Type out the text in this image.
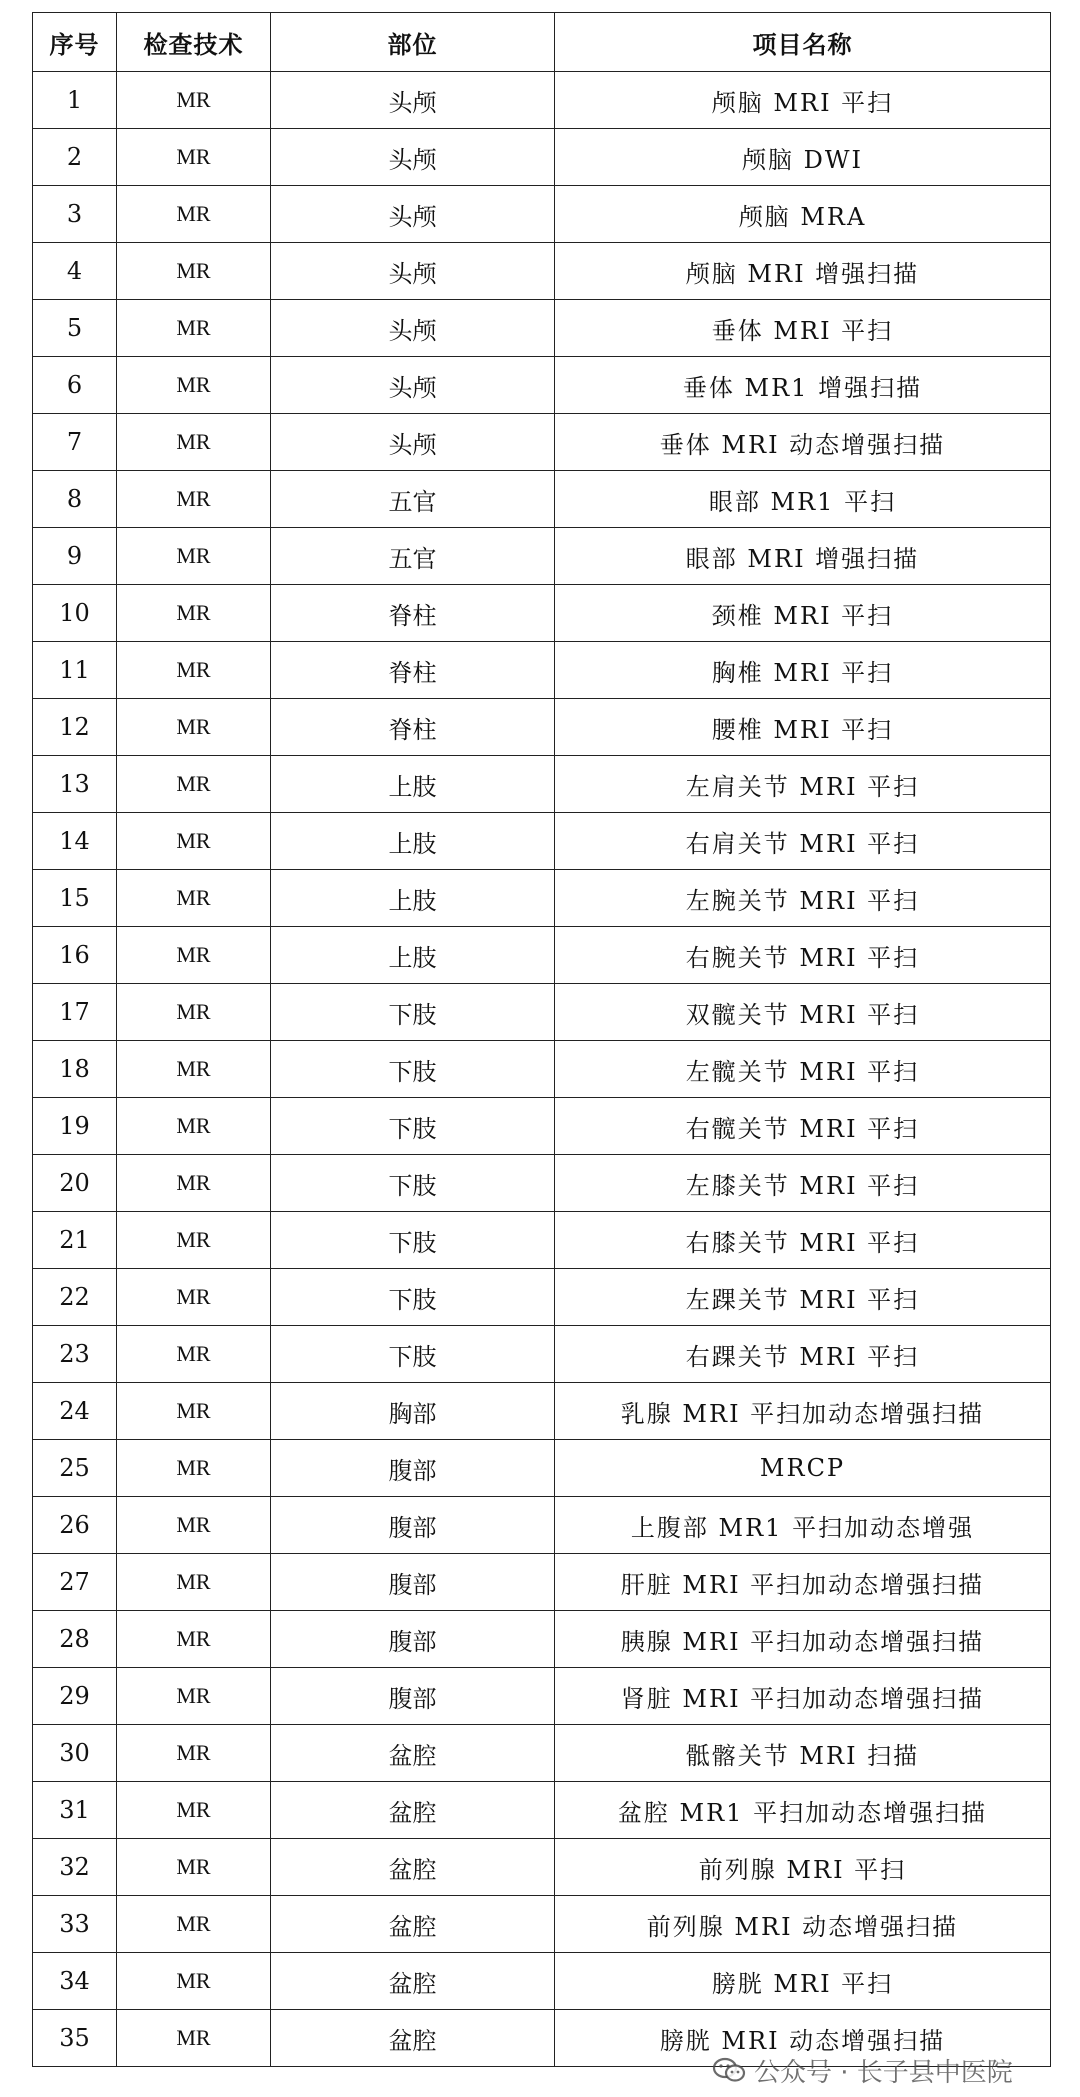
序号	检查技术	部位	项目名称
1	MR	头颅	颅脑 MRI 平扫
2	MR	头颅	颅脑 DWI
3	MR	头颅	颅脑 MRA
4	MR	头颅	颅脑 MRI 增强扫描
5	MR	头颅	垂体 MRI 平扫
6	MR	头颅	垂体 MR1 增强扫描
7	MR	头颅	垂体 MRI 动态增强扫描
8	MR	五官	眼部 MR1 平扫
9	MR	五官	眼部 MRI 增强扫描
10	MR	脊柱	颈椎 MRI 平扫
11	MR	脊柱	胸椎 MRI 平扫
12	MR	脊柱	腰椎 MRI 平扫
13	MR	上肢	左肩关节 MRI 平扫
14	MR	上肢	右肩关节 MRI 平扫
15	MR	上肢	左腕关节 MRI 平扫
16	MR	上肢	右腕关节 MRI 平扫
17	MR	下肢	双髋关节 MRI 平扫
18	MR	下肢	左髋关节 MRI 平扫
19	MR	下肢	右髋关节 MRI 平扫
20	MR	下肢	左膝关节 MRI 平扫
21	MR	下肢	右膝关节 MRI 平扫
22	MR	下肢	左踝关节 MRI 平扫
23	MR	下肢	右踝关节 MRI 平扫
24	MR	胸部	乳腺 MRI 平扫加动态增强扫描
25	MR	腹部	MRCP
26	MR	腹部	上腹部 MR1 平扫加动态增强
27	MR	腹部	肝脏 MRI 平扫加动态增强扫描
28	MR	腹部	胰腺 MRI 平扫加动态增强扫描
29	MR	腹部	肾脏 MRI 平扫加动态增强扫描
30	MR	盆腔	骶髂关节 MRI 扫描
31	MR	盆腔	盆腔 MR1 平扫加动态增强扫描
32	MR	盆腔	前列腺 MRI 平扫
33	MR	盆腔	前列腺 MRI 动态增强扫描
34	MR	盆腔	膀胱 MRI 平扫
35	MR	盆腔	膀胱 MRI 动态增强扫描
公众号 · 长子县中医院
